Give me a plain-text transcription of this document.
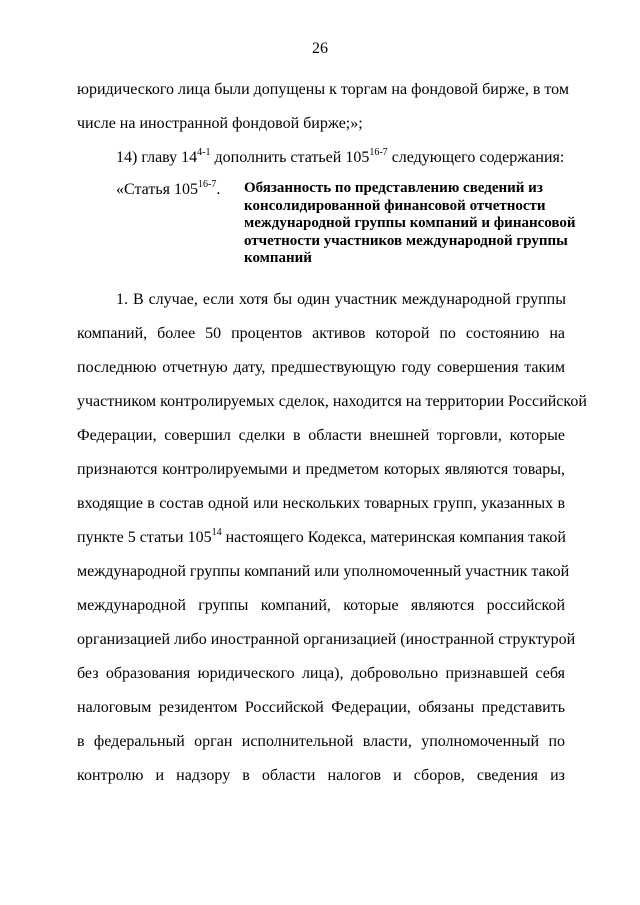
26
юридического лица были допущены к торгам на фондовой бирже, в том
числе на иностранной фондовой бирже;»;
14) главу 14$^{4-1}$ дополнить статьей 105$^{16-7}$ следующего содержания:
«Статья 105$^{16-7}$. Обязанность по представлению сведений из
консолидированной финансовой отчетности
международной группы компаний и финансовой
отчетности участников международной группы
компаний
1. В случае, если хотя бы один участник международной группы
компаний, более 50 процентов активов которой по состоянию на
последнюю отчетную дату, предшествующую году совершения таким
участником контролируемых сделок, находится на территории Российской
Федерации, совершил сделки в области внешней торговли, которые
признаются контролируемыми и предметом которых являются товары,
входящие в состав одной или нескольких товарных групп, указанных в
пункте 5 статьи $105^{14}$ настоящего Кодекса, материнская компания такой
международной группы компаний или уполномоченный участник такой
международной группы компаний, которые являются российской
организацией либо иностранной организацией (иностранной структурой
без образования юридического лица), добровольно признавшей себя
налоговым резидентом Российской Федерации, обязаны представить
в федеральный орган исполнительной власти, уполномоченный по
контролю и надзору в области налогов и сборов, сведения из
